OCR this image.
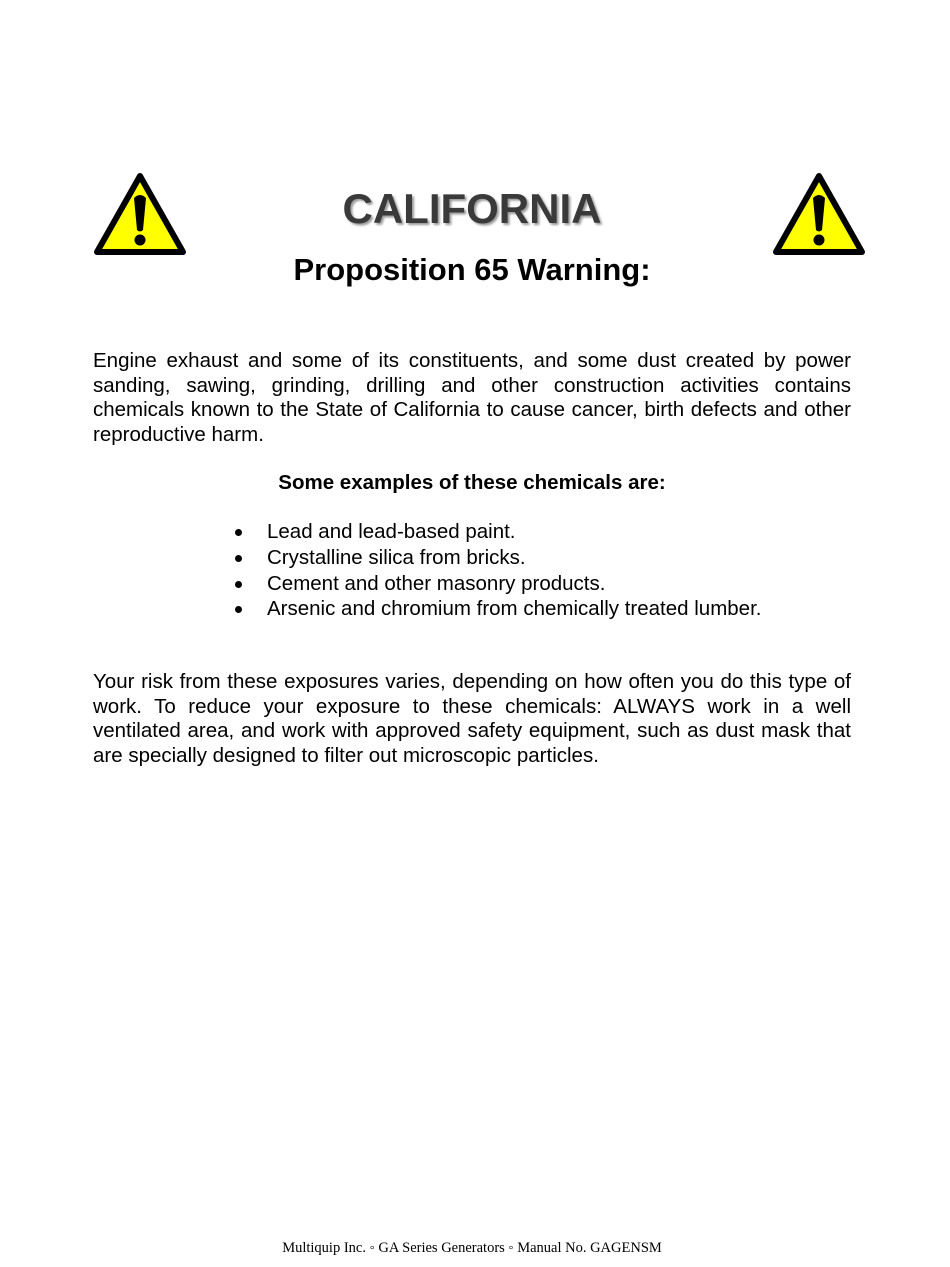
CALIFORNIA
Proposition 65 Warning:

Engine exhaust and some of its constituents, and some dust created by power sanding, sawing, grinding, drilling and other construction activities contains chemicals known to the State of California to cause cancer, birth defects and other reproductive harm.

Some examples of these chemicals are:

Lead and lead-based paint.
Crystalline silica from bricks.
Cement and other masonry products.
Arsenic and chromium from chemically treated lumber.

Your risk from these exposures varies, depending on how often you do this type of work. To reduce your exposure to these chemicals: ALWAYS work in a well ventilated area, and work with approved safety equipment, such as dust mask that are specially designed to filter out microscopic particles.

Multiquip Inc. ◦ GA Series Generators ◦ Manual No. GAGENSM
